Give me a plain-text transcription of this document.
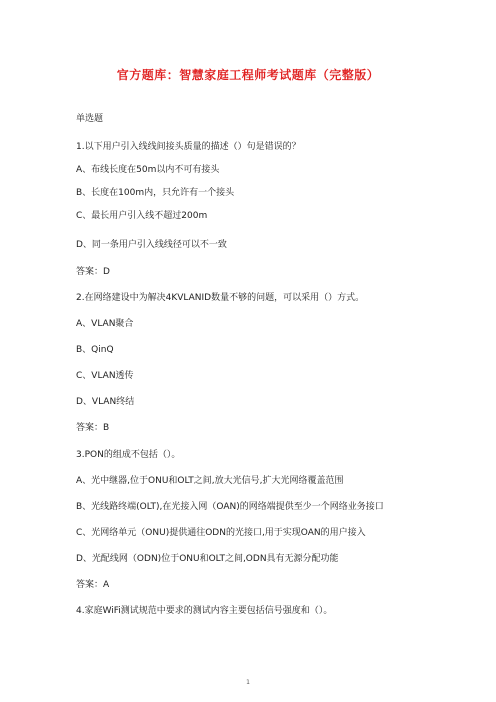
官方题库：智慧家庭工程师考试题库（完整版）
单选题
1.以下用户引入线线间接头质量的描述（）句是错误的？
A、布线长度在50m以内不可有接头
B、长度在100m内，只允许有一个接头
C、最长用户引入线不超过200m
D、同一条用户引入线线径可以不一致
答案：D
2.在网络建设中为解决4KVLANID数量不够的问题，可以采用（）方式。
A、VLAN聚合
B、QinQ
C、VLAN透传
D、VLAN终结
答案：B
3.PON的组成不包括（）。
A、光中继器,位于ONU和OLT之间,放大光信号,扩大光网络覆盖范围
B、光线路终端(OLT),在光接入网（OAN)的网络端提供至少一个网络业务接口
C、光网络单元（ONU)提供通往ODN的光接口,用于实现OAN的用户接入
D、光配线网（ODN)位于ONU和OLT之间,ODN具有无源分配功能
答案：A
4.家庭WiFi测试规范中要求的测试内容主要包括信号强度和（）。
1
